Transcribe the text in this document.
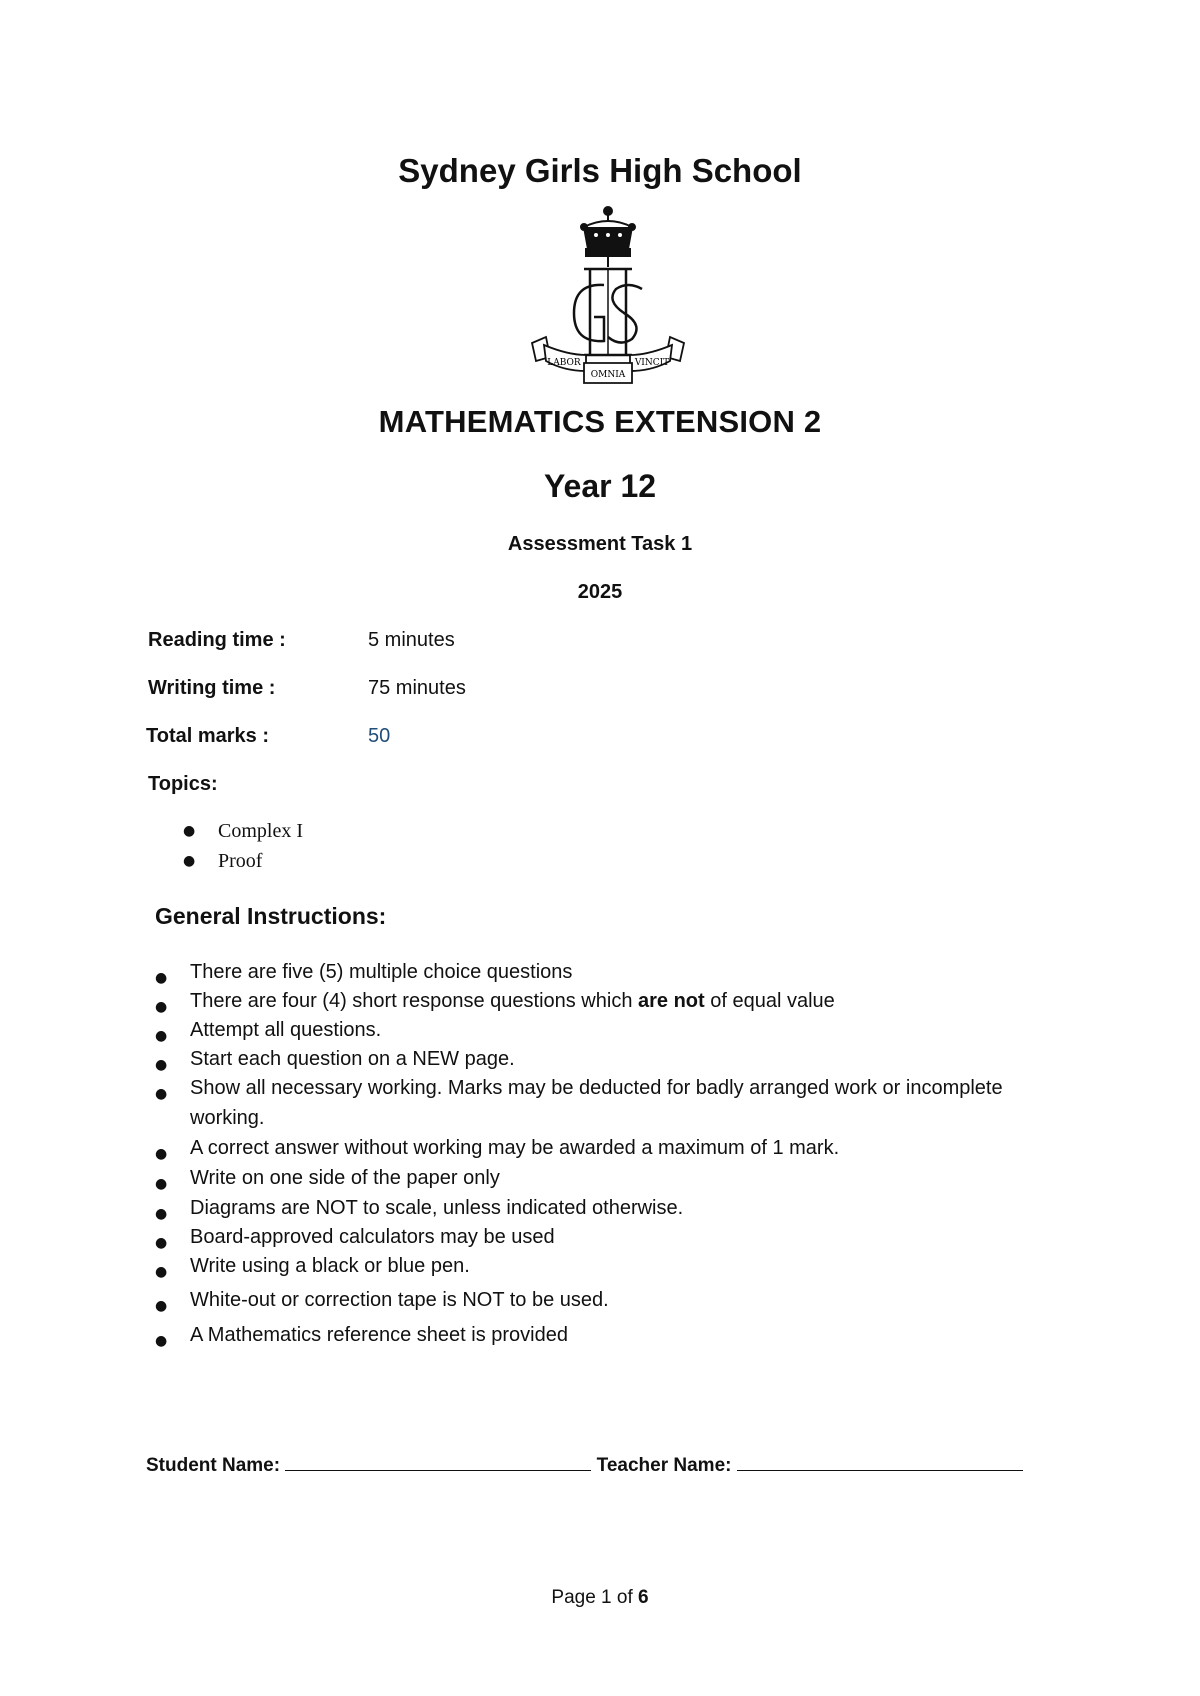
Sydney Girls High School
LABOR
OMNIA
VINCIT
MATHEMATICS EXTENSION 2
Year 12
Assessment Task 1
2025
Reading time :	5 minutes
Writing time :	75 minutes
Total marks :	50
Topics:
● Complex I
● Proof
General Instructions:
● There are five (5) multiple choice questions
● There are four (4) short response questions which are not of equal value
● Attempt all questions.
● Start each question on a NEW page.
● Show all necessary working. Marks may be deducted for badly arranged work or incomplete working.
● A correct answer without working may be awarded a maximum of 1 mark.
● Write on one side of the paper only
● Diagrams are NOT to scale, unless indicated otherwise.
● Board-approved calculators may be used
● Write using a black or blue pen.
● White-out or correction tape is NOT to be used.
● A Mathematics reference sheet is provided
Student Name:	Teacher Name:
Page 1 of 6
